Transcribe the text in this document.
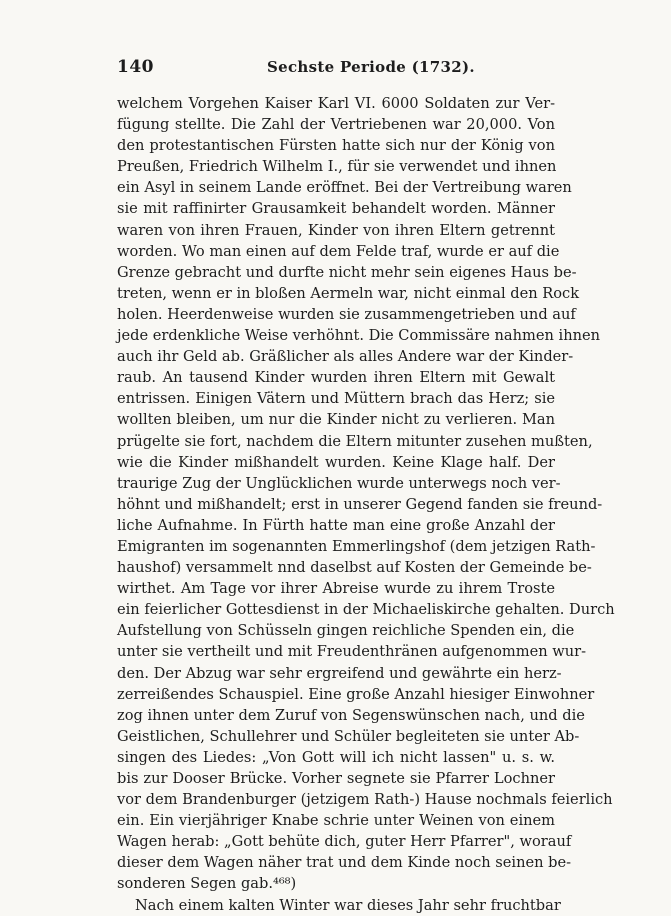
140	Sechste Periode (1732).
welchem Vorgehen Kaiser Karl VI. 6000 Soldaten zur Ver-
fügung stellte. Die Zahl der Vertriebenen war 20,000. Von
den protestantischen Fürsten hatte sich nur der König von
Preußen, Friedrich Wilhelm I., für sie verwendet und ihnen
ein Asyl in seinem Lande eröffnet. Bei der Vertreibung waren
sie mit raffinirter Grausamkeit behandelt worden. Männer
waren von ihren Frauen, Kinder von ihren Eltern getrennt
worden. Wo man einen auf dem Felde traf, wurde er auf die
Grenze gebracht und durfte nicht mehr sein eigenes Haus be-
treten, wenn er in bloßen Aermeln war, nicht einmal den Rock
holen. Heerdenweise wurden sie zusammengetrieben und auf
jede erdenkliche Weise verhöhnt. Die Commissäre nahmen ihnen
auch ihr Geld ab. Gräßlicher als alles Andere war der Kinder-
raub. An tausend Kinder wurden ihren Eltern mit Gewalt
entrissen. Einigen Vätern und Müttern brach das Herz; sie
wollten bleiben, um nur die Kinder nicht zu verlieren. Man
prügelte sie fort, nachdem die Eltern mitunter zusehen mußten,
wie die Kinder mißhandelt wurden. Keine Klage half. Der
traurige Zug der Unglücklichen wurde unterwegs noch ver-
höhnt und mißhandelt; erst in unserer Gegend fanden sie freund-
liche Aufnahme. In Fürth hatte man eine große Anzahl der
Emigranten im sogenannten Emmerlingshof (dem jetzigen Rath-
haushof) versammelt nnd daselbst auf Kosten der Gemeinde be-
wirthet. Am Tage vor ihrer Abreise wurde zu ihrem Troste
ein feierlicher Gottesdienst in der Michaeliskirche gehalten. Durch
Aufstellung von Schüsseln gingen reichliche Spenden ein, die
unter sie vertheilt und mit Freudenthränen aufgenommen wur-
den. Der Abzug war sehr ergreifend und gewährte ein herz-
zerreißendes Schauspiel. Eine große Anzahl hiesiger Einwohner
zog ihnen unter dem Zuruf von Segenswünschen nach, und die
Geistlichen, Schullehrer und Schüler begleiteten sie unter Ab-
singen des Liedes: „Von Gott will ich nicht lassen" u. s. w.
bis zur Dooser Brücke. Vorher segnete sie Pfarrer Lochner
vor dem Brandenburger (jetzigem Rath-) Hause nochmals feierlich
ein. Ein vierjähriger Knabe schrie unter Weinen von einem
Wagen herab: „Gott behüte dich, guter Herr Pfarrer", worauf
dieser dem Wagen näher trat und dem Kinde noch seinen be-
sonderen Segen gab.⁴⁶⁸)
Nach einem kalten Winter war dieses Jahr sehr fruchtbar
